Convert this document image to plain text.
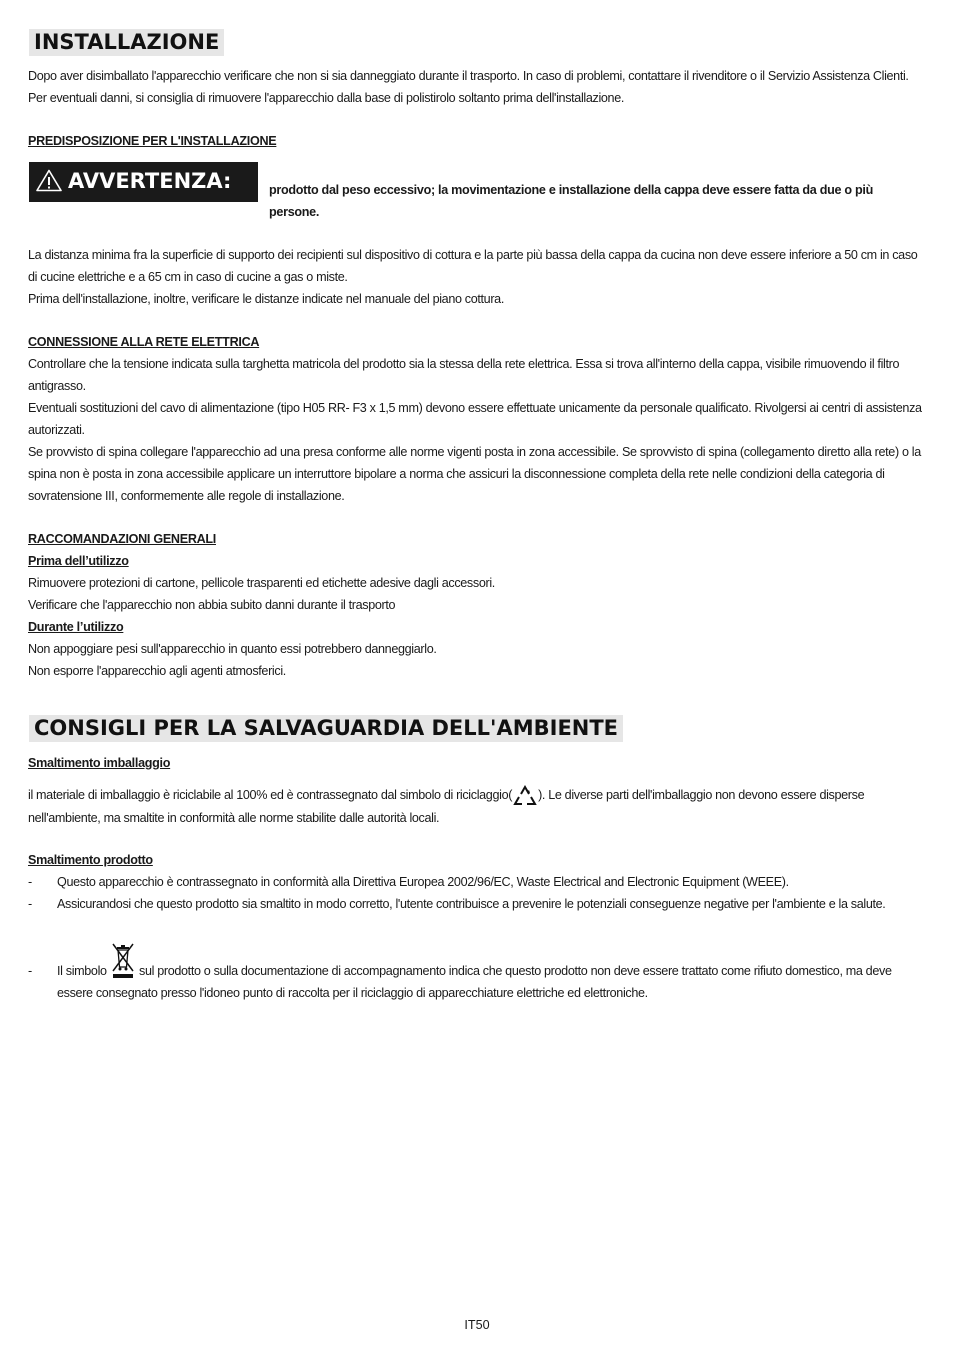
INSTALLAZIONE

Dopo aver disimballato l'apparecchio verificare che non si sia danneggiato durante il trasporto. In caso di problemi, contattare il rivenditore o il Servizio Assistenza Clienti. Per eventuali danni, si consiglia di rimuovere l'apparecchio dalla base di polistirolo soltanto prima dell'installazione.

PREDISPOSIZIONE PER L'INSTALLAZIONE
AVVERTENZA:	prodotto dal peso eccessivo; la movimentazione e installazione della cappa deve essere fatta da due o più persone.

La distanza minima fra la superficie di supporto dei recipienti sul dispositivo di cottura e la parte più bassa della cappa da cucina non deve essere inferiore a 50 cm in caso di cucine elettriche e a 65 cm in caso di cucine a gas o miste.

Prima dell'installazione, inoltre, verificare le distanze indicate nel manuale del piano cottura.

CONNESSIONE ALLA RETE ELETTRICA

Controllare che la tensione indicata sulla targhetta matricola del prodotto sia la stessa della rete elettrica. Essa si trova all'interno della cappa, visibile rimuovendo il filtro antigrasso.

Eventuali sostituzioni del cavo di alimentazione (tipo H05 RR- F3 x 1,5 mm) devono essere effettuate unicamente da personale qualificato. Rivolgersi ai centri di assistenza autorizzati.

Se provvisto di spina collegare l'apparecchio ad una presa conforme alle norme vigenti posta in zona accessibile. Se sprovvisto di spina (collegamento diretto alla rete) o la spina non è posta in zona accessibile applicare un interruttore bipolare a norma che assicuri la disconnessione completa della rete nelle condizioni della categoria di sovratensione III, conformemente alle regole di installazione.

RACCOMANDAZIONI GENERALI
Prima dell’utilizzo

Rimuovere protezioni di cartone, pellicole trasparenti ed etichette adesive dagli accessori.

Verificare che l'apparecchio non abbia subito danni durante il trasporto

Durante l’utilizzo

Non appoggiare pesi sull'apparecchio in quanto essi potrebbero danneggiarlo.

Non esporre l'apparecchio agli agenti atmosferici.

CONSIGLI PER LA SALVAGUARDIA DELL'AMBIENTE
Smaltimento imballaggio

il materiale di imballaggio è riciclabile al 100% ed è contrassegnato dal simbolo di riciclaggio( ). Le diverse parti dell'imballaggio non devono essere disperse nell'ambiente, ma smaltite in conformità alle norme stabilite dalle autorità locali.

Smaltimento prodotto
-	Questo apparecchio è contrassegnato in conformità alla Direttiva Europea 2002/96/EC, Waste Electrical and Electronic Equipment (WEEE).
-	Assicurandosi che questo prodotto sia smaltito in modo corretto, l'utente contribuisce a prevenire le potenziali conseguenze negative per l'ambiente e la salute.
-	Il simbolo	sul prodotto o sulla documentazione di accompagnamento indica che questo prodotto non deve essere trattato come rifiuto domestico, ma deve essere consegnato presso l'idoneo punto di raccolta per il riciclaggio di apparecchiature elettriche ed elettroniche.
IT50
